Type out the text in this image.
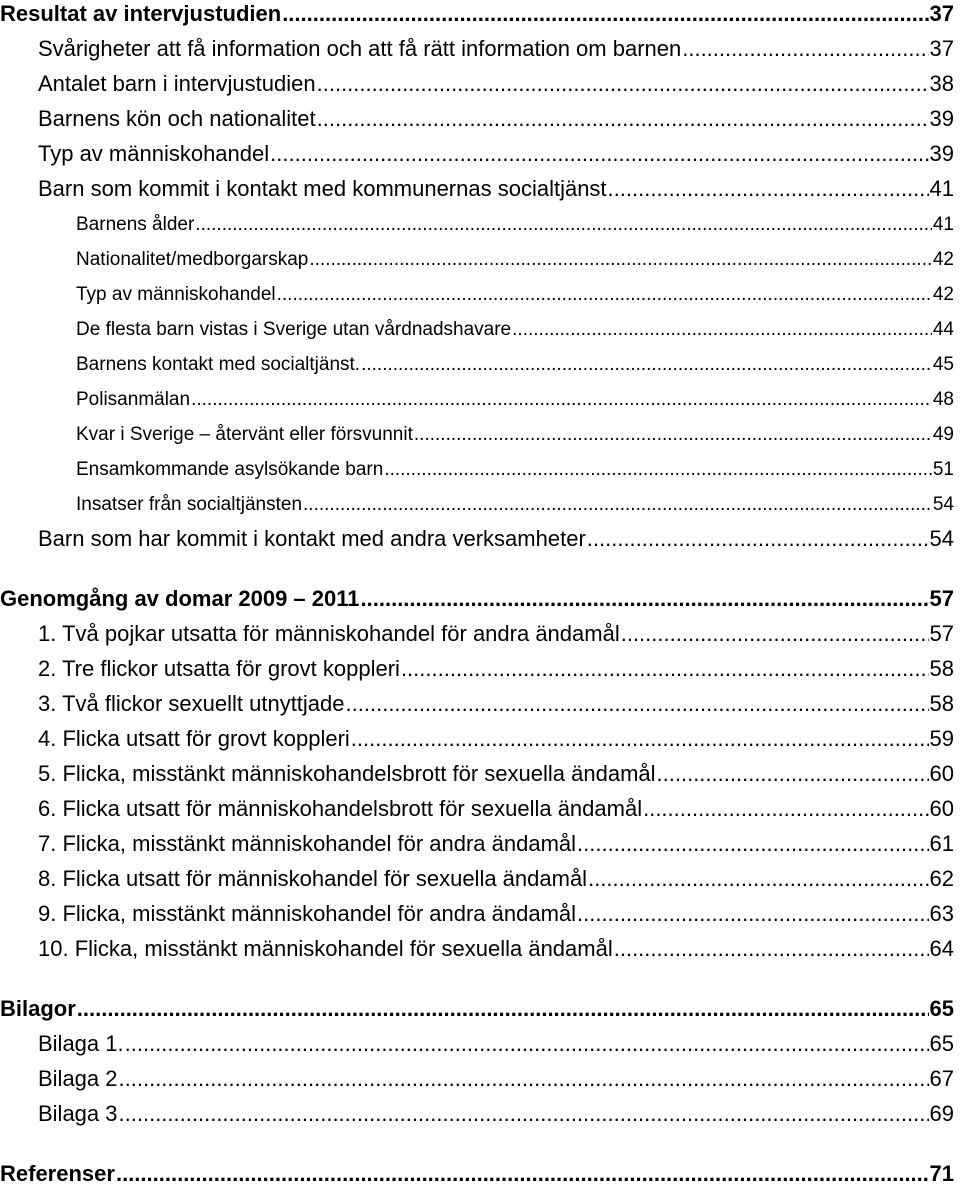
Resultat av intervjustudien .....	37
Svårigheter att få information och att få rätt information om barnen .....	37
Antalet barn i intervjustudien .....	38
Barnens kön och nationalitet .....	39
Typ av människohandel .....	39
Barn som kommit i kontakt med kommunernas socialtjänst .....	41
Barnens ålder .....	41
Nationalitet/medborgarskap .....	42
Typ av människohandel .....	42
De flesta barn vistas i Sverige utan vårdnadshavare .....	44
Barnens kontakt med socialtjänst. .....	45
Polisanmälan .....	48
Kvar i Sverige – återvänt eller försvunnit .....	49
Ensamkommande asylsökande barn .....	51
Insatser från socialtjänsten .....	54
Barn som har kommit i kontakt med andra verksamheter .....	54
Genomgång av domar 2009 – 2011 .....	57
1. Två pojkar utsatta för människohandel för andra ändamål .....	57
2. Tre flickor utsatta för grovt koppleri .....	58
3. Två flickor sexuellt utnyttjade .....	58
4. Flicka utsatt för grovt koppleri .....	59
5. Flicka, misstänkt människohandelsbrott för sexuella ändamål .....	60
6. Flicka utsatt för människohandelsbrott för sexuella ändamål .....	60
7. Flicka, misstänkt människohandel för andra ändamål .....	61
8. Flicka utsatt för människohandel för sexuella ändamål .....	62
9. Flicka, misstänkt människohandel för andra ändamål .....	63
10. Flicka, misstänkt människohandel för sexuella ändamål .....	64
Bilagor .....	65
Bilaga 1. .....	65
Bilaga 2 .....	67
Bilaga 3 .....	69
Referenser .....	71
